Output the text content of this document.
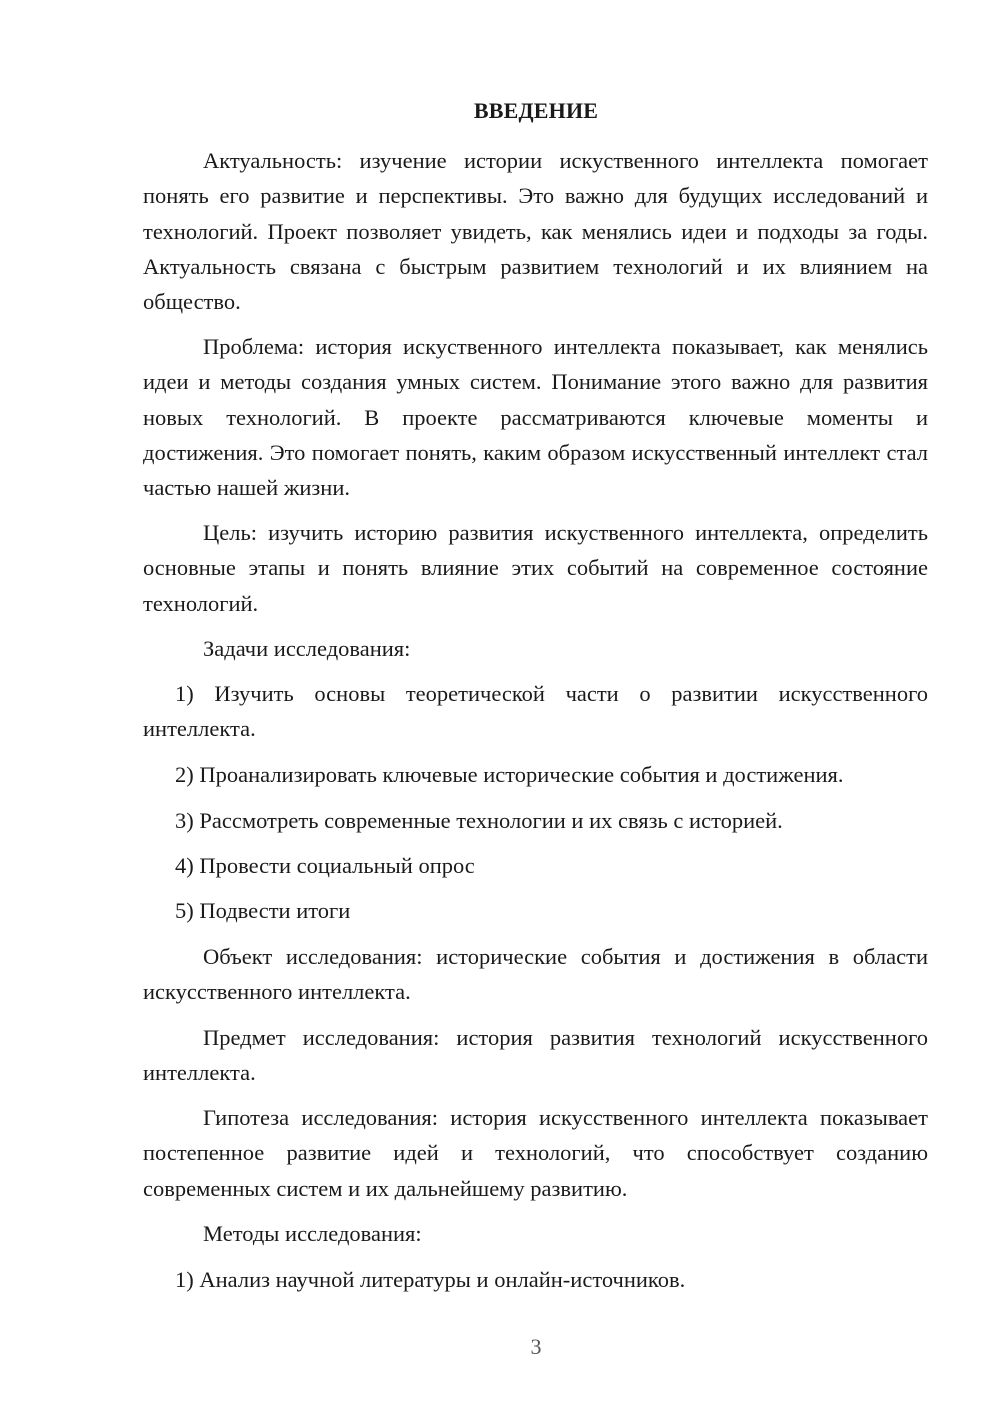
ВВЕДЕНИЕ

Актуальность: изучение истории искуственного интеллекта помогает понять его развитие и перспективы. Это важно для будущих исследований и технологий. Проект позволяет увидеть, как менялись идеи и подходы за годы. Актуальность связана с быстрым развитием технологий и их влиянием на общество.

Проблема: история искуственного интеллекта показывает, как менялись идеи и методы создания умных систем. Понимание этого важно для развития новых технологий. В проекте рассматриваются ключевые моменты и достижения. Это помогает понять, каким образом искусственный интеллект стал частью нашей жизни.

Цель: изучить историю развития искуственного интеллекта, определить основные этапы и понять влияние этих событий на современное состояние технологий.

Задачи исследования:

1) Изучить основы теоретической части о развитии искусственного интеллекта.

2) Проанализировать ключевые исторические события и достижения.

3) Рассмотреть современные технологии и их связь с историей.

4) Провести социальный опрос

5) Подвести итоги

Объект исследования: исторические события и достижения в области искусственного интеллекта.

Предмет исследования: история развития технологий искусственного интеллекта.

Гипотеза исследования: история искусственного интеллекта показывает постепенное развитие идей и технологий, что способствует созданию современных систем и их дальнейшему развитию.

Методы исследования:

1) Анализ научной литературы и онлайн-источников.

3
